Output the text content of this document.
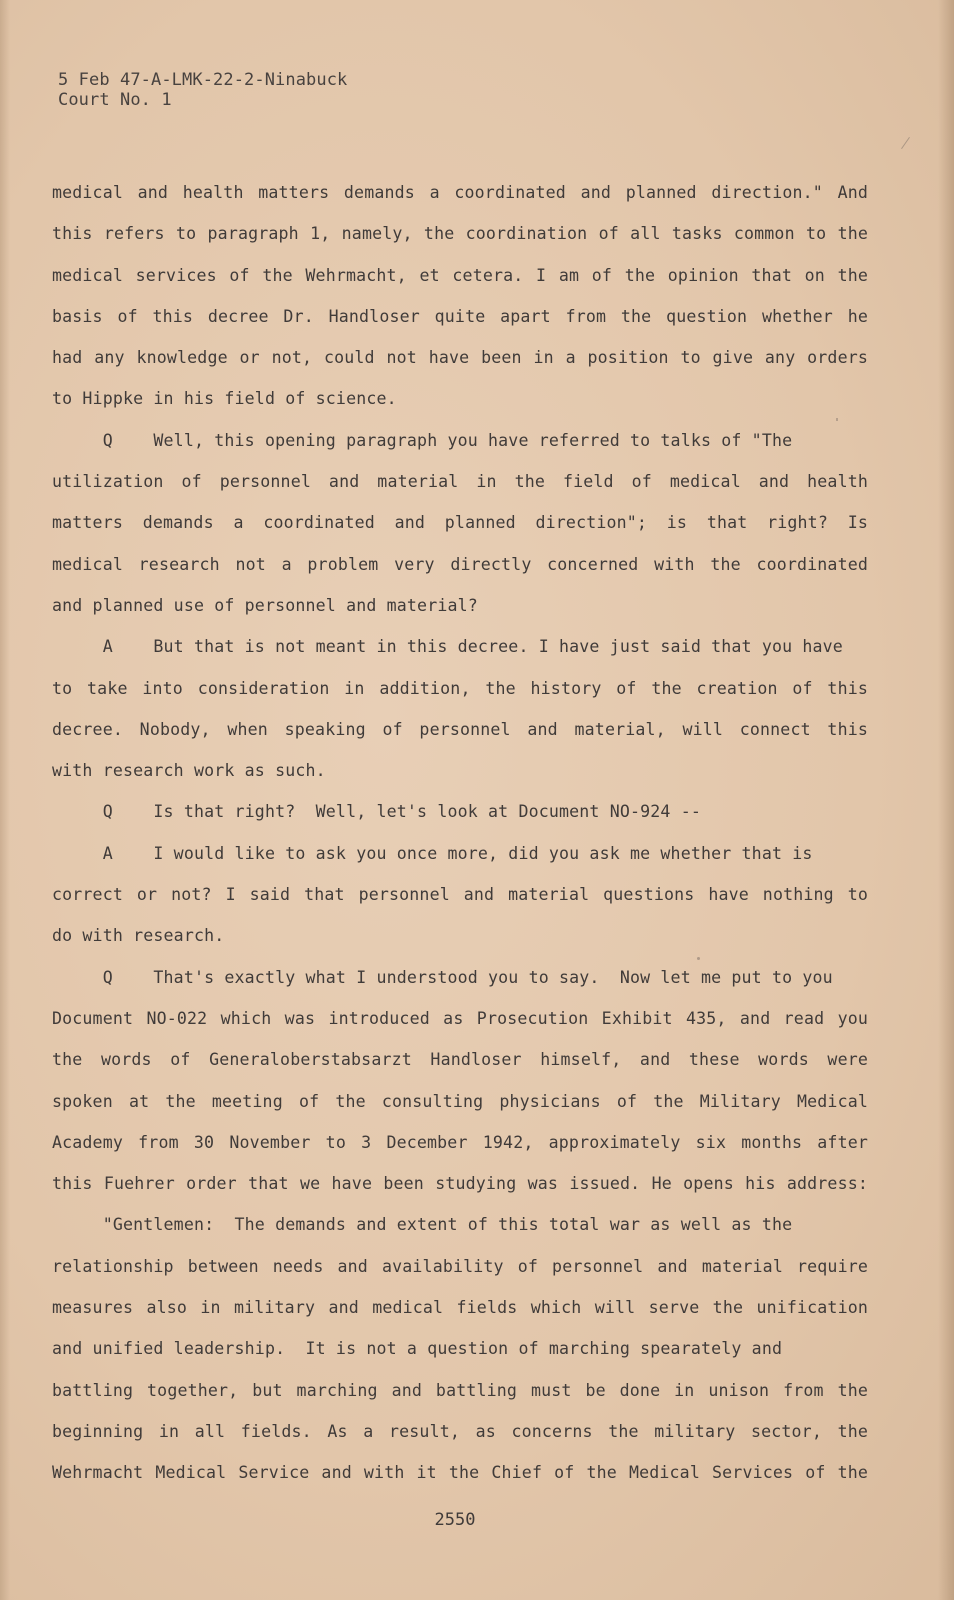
5 Feb 47-A-LMK-22-2-Ninabuck
Court No. 1
medical and health matters demands a coordinated and planned direction." And
this refers to paragraph 1, namely, the coordination of all tasks common to the
medical services of the Wehrmacht, et cetera. I am of the opinion that on the
basis of this decree Dr. Handloser quite apart from the question whether he
had any knowledge or not, could not have been in a position to give any orders
to Hippke in his field of science.
Q    Well, this opening paragraph you have referred to talks of "The
utilization of personnel and material in the field of medical and health
matters demands a coordinated and planned direction"; is that right? Is
medical research not a problem very directly concerned with the coordinated
and planned use of personnel and material?
A    But that is not meant in this decree. I have just said that you have
to take into consideration in addition, the history of the creation of this
decree. Nobody, when speaking of personnel and material, will connect this
with research work as such.
Q    Is that right?  Well, let's look at Document NO-924 --
A    I would like to ask you once more, did you ask me whether that is
correct or not? I said that personnel and material questions have nothing to
do with research.
Q    That's exactly what I understood you to say.  Now let me put to you
Document NO-022 which was introduced as Prosecution Exhibit 435, and read you
the words of Generaloberstabsarzt Handloser himself, and these words were
spoken at the meeting of the consulting physicians of the Military Medical
Academy from 30 November to 3 December 1942, approximately six months after
this Fuehrer order that we have been studying was issued. He opens his address:
"Gentlemen:  The demands and extent of this total war as well as the
relationship between needs and availability of personnel and material require
measures also in military and medical fields which will serve the unification
and unified leadership.  It is not a question of marching spearately and
battling together, but marching and battling must be done in unison from the
beginning in all fields. As a result, as concerns the military sector, the
Wehrmacht Medical Service and with it the Chief of the Medical Services of the
2550
